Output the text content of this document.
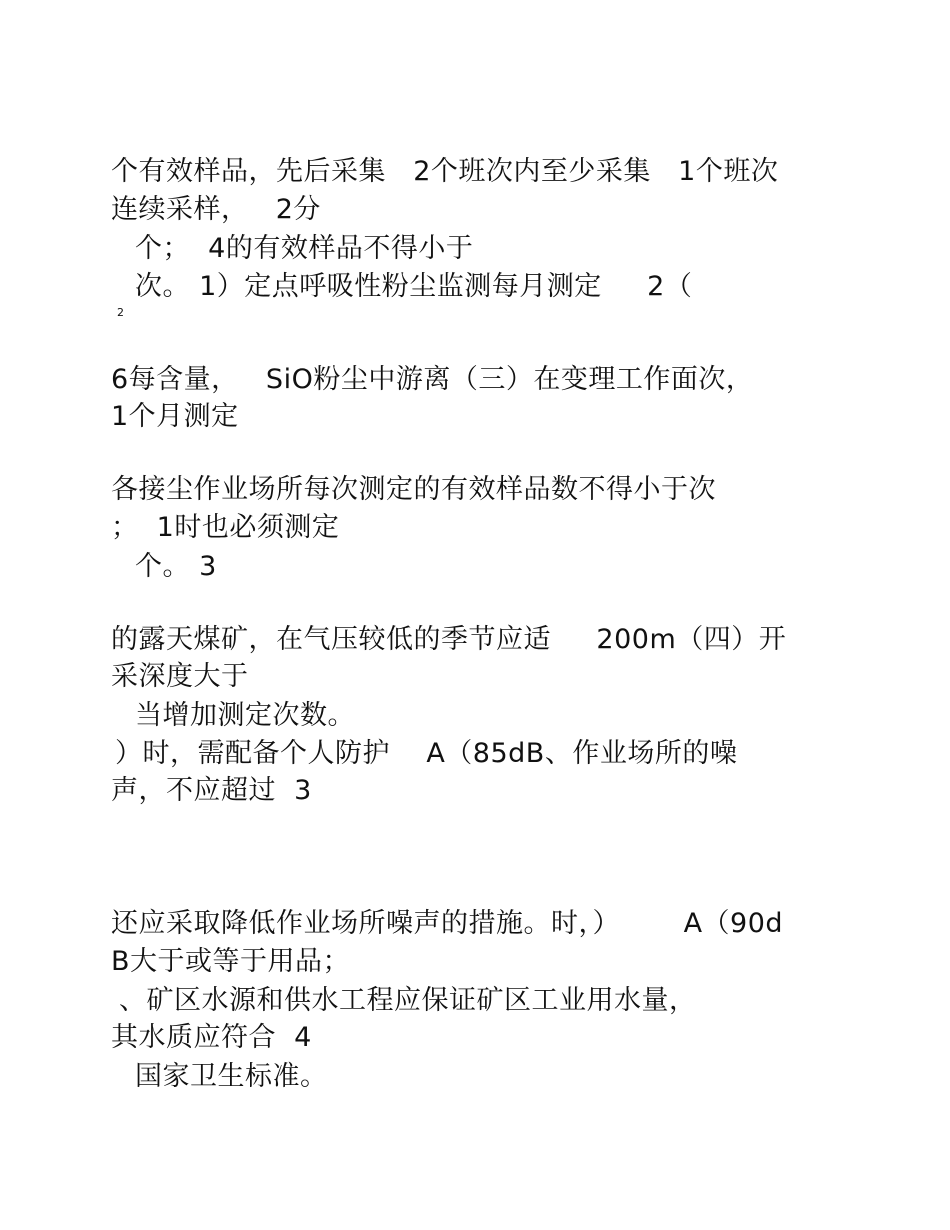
个有效样品，先后采集   2个班次内至少采集   1个班次
连续采样，   2分
个；  4的有效样品不得小于
次。 1）定点呼吸性粉尘监测每月测定     2（
2
6每含量，   SiO粉尘中游离（三）在变理工作面次，
1个月测定
各接尘作业场所每次测定的有效样品数不得小于次
；  1时也必须测定
个。 3
的露天煤矿，在气压较低的季节应适     200m（四）开
采深度大于
当增加测定次数。
）时，需配备个人防护    A（85dB、作业场所的噪
声，不应超过  3
还应采取降低作业场所噪声的措施。时，）       A（90d
B大于或等于用品；
、矿区水源和供水工程应保证矿区工业用水量，
其水质应符合  4
国家卫生标准。
